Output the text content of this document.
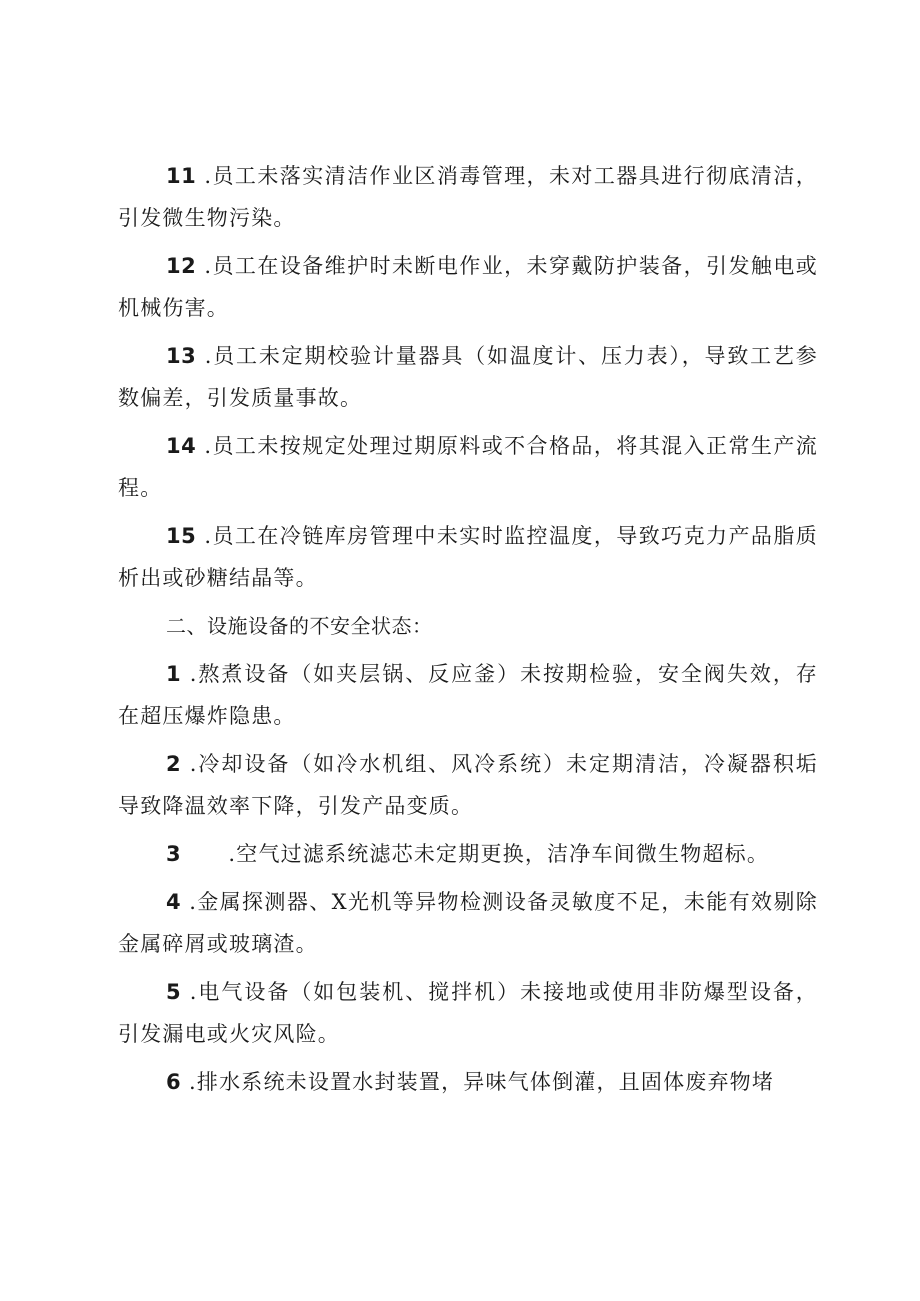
11 .员工未落实清洁作业区消毒管理，未对工器具进行彻底清洁，引发微生物污染。

12 .员工在设备维护时未断电作业，未穿戴防护装备，引发触电或机械伤害。

13 .员工未定期校验计量器具（如温度计、压力表），导致工艺参数偏差，引发质量事故。

14 .员工未按规定处理过期原料或不合格品，将其混入正常生产流程。

15 .员工在冷链库房管理中未实时监控温度，导致巧克力产品脂质析出或砂糖结晶等。

二、设施设备的不安全状态：

1 .熬煮设备（如夹层锅、反应釜）未按期检验，安全阀失效，存在超压爆炸隐患。

2 .冷却设备（如冷水机组、风冷系统）未定期清洁，冷凝器积垢导致降温效率下降，引发产品变质。

3      .空气过滤系统滤芯未定期更换，洁净车间微生物超标。

4 .金属探测器、X光机等异物检测设备灵敏度不足，未能有效剔除金属碎屑或玻璃渣。

5 .电气设备（如包装机、搅拌机）未接地或使用非防爆型设备，引发漏电或火灾风险。

6 .排水系统未设置水封装置，异味气体倒灌，且固体废弃物堵
